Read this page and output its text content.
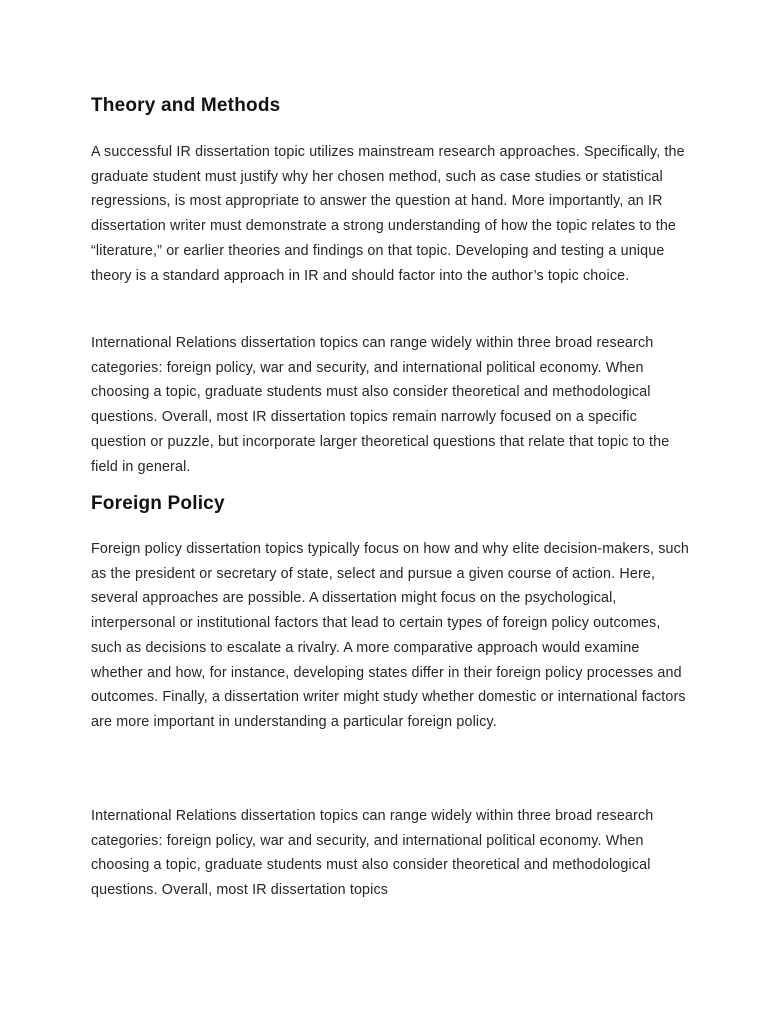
Theory and Methods

A successful IR dissertation topic utilizes mainstream research approaches. Specifically, the graduate student must justify why her chosen method, such as case studies or statistical regressions, is most appropriate to answer the question at hand. More importantly, an IR dissertation writer must demonstrate a strong understanding of how the topic relates to the “literature,” or earlier theories and findings on that topic. Developing and testing a unique theory is a standard approach in IR and should factor into the author’s topic choice.

International Relations dissertation topics can range widely within three broad research categories: foreign policy, war and security, and international political economy. When choosing a topic, graduate students must also consider theoretical and methodological questions. Overall, most IR dissertation topics remain narrowly focused on a specific question or puzzle, but incorporate larger theoretical questions that relate that topic to the field in general.

Foreign Policy

Foreign policy dissertation topics typically focus on how and why elite decision-makers, such as the president or secretary of state, select and pursue a given course of action. Here, several approaches are possible. A dissertation might focus on the psychological, interpersonal or institutional factors that lead to certain types of foreign policy outcomes, such as decisions to escalate a rivalry. A more comparative approach would examine whether and how, for instance, developing states differ in their foreign policy processes and outcomes. Finally, a dissertation writer might study whether domestic or international factors are more important in understanding a particular foreign policy.

International Relations dissertation topics can range widely within three broad research categories: foreign policy, war and security, and international political economy. When choosing a topic, graduate students must also consider theoretical and methodological questions. Overall, most IR dissertation topics
